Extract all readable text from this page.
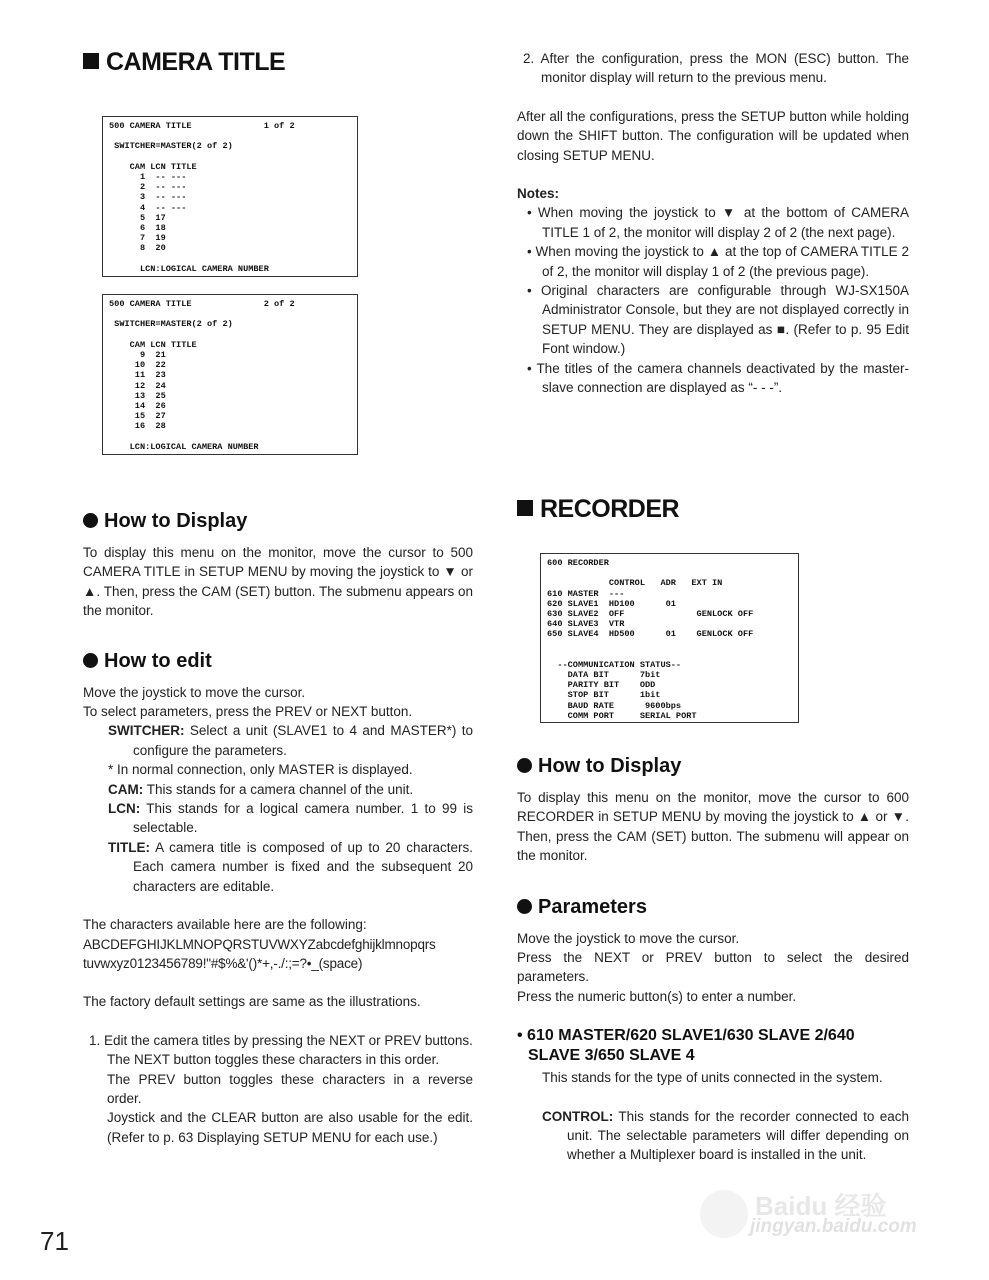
CAMERA TITLE
500 CAMERA TITLE              1 of 2
SWITCHER=MASTER(2 of 2)
CAM LCN TITLE
1  -- ---
2  -- ---
3  -- ---
4  -- ---
5  17
6  18
7  19
8  20
LCN:LOGICAL CAMERA NUMBER
500 CAMERA TITLE              2 of 2
SWITCHER=MASTER(2 of 2)
CAM LCN TITLE
9  21
10  22
11  23
12  24
13  25
14  26
15  27
16  28
LCN:LOGICAL CAMERA NUMBER
How to Display

To display this menu on the monitor, move the cursor to 500 CAMERA TITLE in SETUP MENU by moving the joystick to ▼ or ▲. Then, press the CAM (SET) button. The submenu appears on the monitor.

How to edit

Move the joystick to move the cursor.

To select parameters, press the PREV or NEXT button.

SWITCHER: Select a unit (SLAVE1 to 4 and MASTER*) to configure the parameters.

* In normal connection, only MASTER is displayed.

CAM: This stands for a camera channel of the unit.

LCN: This stands for a logical camera number. 1 to 99 is selectable.

TITLE: A camera title is composed of up to 20 characters. Each camera number is fixed and the subsequent 20 characters are editable.

The characters available here are the following:

ABCDEFGHIJKLMNOPQRSTUVWXYZabcdefghijklmnopqrs

tuvwxyz0123456789!"#$%&'()*+,-./:;=?•_(space)

The factory default settings are same as the illustrations.

1. Edit the camera titles by pressing the NEXT or PREV buttons.

The NEXT button toggles these characters in this order.

The PREV button toggles these characters in a reverse order.

Joystick and the CLEAR button are also usable for the edit. (Refer to p. 63 Displaying SETUP MENU for each use.)

2. After the configuration, press the MON (ESC) button. The monitor display will return to the previous menu.

After all the configurations, press the SETUP button while holding down the SHIFT button. The configuration will be updated when closing SETUP MENU.

Notes:

• When moving the joystick to ▼ at the bottom of CAMERA TITLE 1 of 2, the monitor will display 2 of 2 (the next page).
• When moving the joystick to ▲ at the top of CAMERA TITLE 2 of 2, the monitor will display 1 of 2 (the previous page).
• Original characters are configurable through WJ-SX150A Administrator Console, but they are not displayed correctly in SETUP MENU. They are displayed as ■. (Refer to p. 95 Edit Font window.)
• The titles of the camera channels deactivated by the master-slave connection are displayed as “- - -”.
RECORDER
600 RECORDER
CONTROL   ADR   EXT IN
610 MASTER  ---
620 SLAVE1  HD100      01
630 SLAVE2  OFF              GENLOCK OFF
640 SLAVE3  VTR
650 SLAVE4  HD500      01    GENLOCK OFF
--COMMUNICATION STATUS--
DATA BIT      7bit
PARITY BIT    ODD
STOP BIT      1bit
BAUD RATE      9600bps
COMM PORT     SERIAL PORT
How to Display

To display this menu on the monitor, move the cursor to 600 RECORDER in SETUP MENU by moving the joystick to ▲ or ▼. Then, press the CAM (SET) button. The submenu will appear on the monitor.

Parameters

Move the joystick to move the cursor.

Press the NEXT or PREV button to select the desired parameters.

Press the numeric button(s) to enter a number.

• 610 MASTER/620 SLAVE1/630 SLAVE 2/640

SLAVE 3/650 SLAVE 4

This stands for the type of units connected in the system.

CONTROL: This stands for the recorder connected to each unit. The selectable parameters will differ depending on whether a Multiplexer board is installed in the unit.

71
Baidu 经验
jingyan.baidu.com
